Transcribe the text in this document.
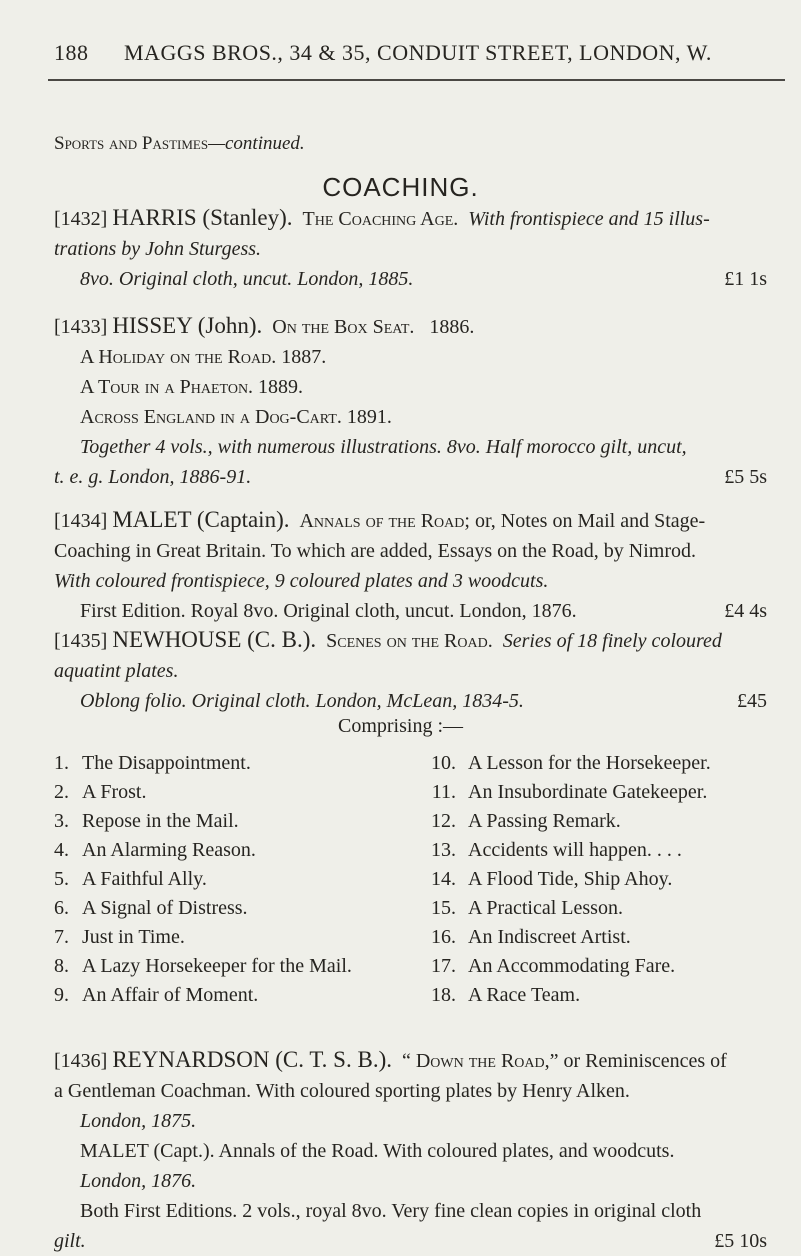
188 MAGGS BROS., 34 & 35, CONDUIT STREET, LONDON, W.
Sports and Pastimes—continued.
COACHING.
[1432] HARRIS (Stanley). The Coaching Age. With frontispiece and 15 illus-
trations by John Sturgess.
8vo. Original cloth, uncut. London, 1885.	£1 1s
[1433] HISSEY (John). On the Box Seat. 1886.
A Holiday on the Road. 1887.
A Tour in a Phaeton. 1889.
Across England in a Dog-Cart. 1891.
Together 4 vols., with numerous illustrations. 8vo. Half morocco gilt, uncut,
t. e. g. London, 1886-91.	£5 5s
[1434] MALET (Captain). Annals of the Road; or, Notes on Mail and Stage-
Coaching in Great Britain. To which are added, Essays on the Road, by Nimrod.
With coloured frontispiece, 9 coloured plates and 3 woodcuts.
First Edition. Royal 8vo. Original cloth, uncut. London, 1876.	£4 4s
[1435] NEWHOUSE (C. B.). Scenes on the Road. Series of 18 finely coloured
aquatint plates.
Oblong folio. Original cloth. London, McLean, 1834-5.	£45
Comprising :—
1. The Disappointment.
2. A Frost.
3. Repose in the Mail.
4. An Alarming Reason.
5. A Faithful Ally.
6. A Signal of Distress.
7. Just in Time.
8. A Lazy Horsekeeper for the Mail.
9. An Affair of Moment.
10. A Lesson for the Horsekeeper.
11. An Insubordinate Gatekeeper.
12. A Passing Remark.
13. Accidents will happen. . . .
14. A Flood Tide, Ship Ahoy.
15. A Practical Lesson.
16. An Indiscreet Artist.
17. An Accommodating Fare.
18. A Race Team.
[1436] REYNARDSON (C. T. S. B.). “ Down the Road,” or Reminiscences of
a Gentleman Coachman. With coloured sporting plates by Henry Alken.
London, 1875.
MALET (Capt.). Annals of the Road. With coloured plates, and woodcuts.
London, 1876.
Both First Editions. 2 vols., royal 8vo. Very fine clean copies in original cloth
gilt.	£5 10s
